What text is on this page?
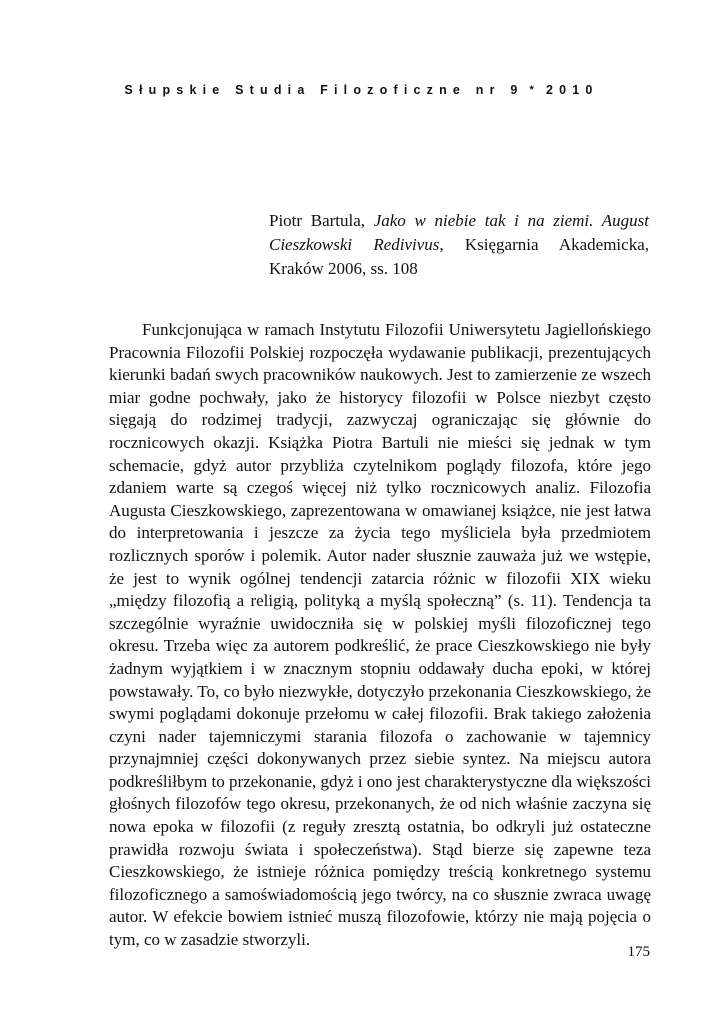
Słupskie Studia Filozoficzne nr 9 * 2010
Piotr Bartula, Jako w niebie tak i na ziemi. August Cieszkowski Redivivus, Księgarnia Akademicka, Kraków 2006, ss. 108

Funkcjonująca w ramach Instytutu Filozofii Uniwersytetu Jagiellońskiego Pracownia Filozofii Polskiej rozpoczęła wydawanie publikacji, prezentujących kierunki badań swych pracowników naukowych. Jest to zamierzenie ze wszech miar godne pochwały, jako że historycy filozofii w Polsce niezbyt często sięgają do rodzimej tradycji, zazwyczaj ograniczając się głównie do rocznicowych okazji. Książka Piotra Bartuli nie mieści się jednak w tym schemacie, gdyż autor przybliża czytelnikom poglądy filozofa, które jego zdaniem warte są czegoś więcej niż tylko rocznicowych analiz. Filozofia Augusta Cieszkowskiego, zaprezentowana w omawianej książce, nie jest łatwa do interpretowania i jeszcze za życia tego myśliciela była przedmiotem rozlicznych sporów i polemik. Autor nader słusznie zauważa już we wstępie, że jest to wynik ogólnej tendencji zatarcia różnic w filozofii XIX wieku „między filozofią a religią, polityką a myślą społeczną” (s. 11). Tendencja ta szczególnie wyraźnie uwidoczniła się w polskiej myśli filozoficznej tego okresu. Trzeba więc za autorem podkreślić, że prace Cieszkowskiego nie były żadnym wyjątkiem i w znacznym stopniu oddawały ducha epoki, w której powstawały. To, co było niezwykłe, dotyczyło przekonania Cieszkowskiego, że swymi poglądami dokonuje przełomu w całej filozofii. Brak takiego założenia czyni nader tajemniczymi starania filozofa o zachowanie w tajemnicy przynajmniej części dokonywanych przez siebie syntez. Na miejscu autora podkreśliłbym to przekonanie, gdyż i ono jest charakterystyczne dla większości głośnych filozofów tego okresu, przekonanych, że od nich właśnie zaczyna się nowa epoka w filozofii (z reguły zresztą ostatnia, bo odkryli już ostateczne prawidła rozwoju świata i społeczeństwa). Stąd bierze się zapewne teza Cieszkowskiego, że istnieje różnica pomiędzy treścią konkretnego systemu filozoficznego a samoświadomością jego twórcy, na co słusznie zwraca uwagę autor. W efekcie bowiem istnieć muszą filozofowie, którzy nie mają pojęcia o tym, co w zasadzie stworzyli.

175
